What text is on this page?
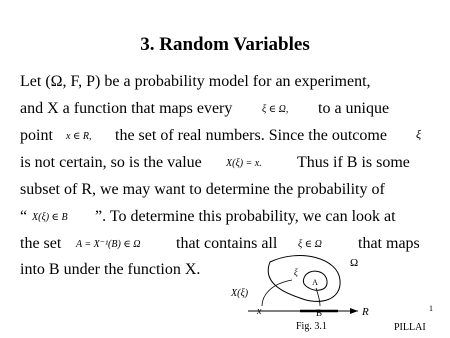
3. Random Variables
Let (Ω, F, P) be a probability model for an experiment,
and X a function that maps every	ξ ∈ Ω, to a unique
point x ∈ R, the set of real numbers. Since the outcome ξ
is not certain, so is the value X(ξ) = x. Thus if B is some
subset of R, we may want to determine the probability of
“ X(ξ) ∈ B ”. To determine this probability, we can look at
the set A = X⁻¹(B) ∈ Ω that contains all ξ ∈ Ω that maps
into B under the function X.	Ω
ξ
A
X(ξ)
x	B	R
Fig. 3.1
1
PILLAI
